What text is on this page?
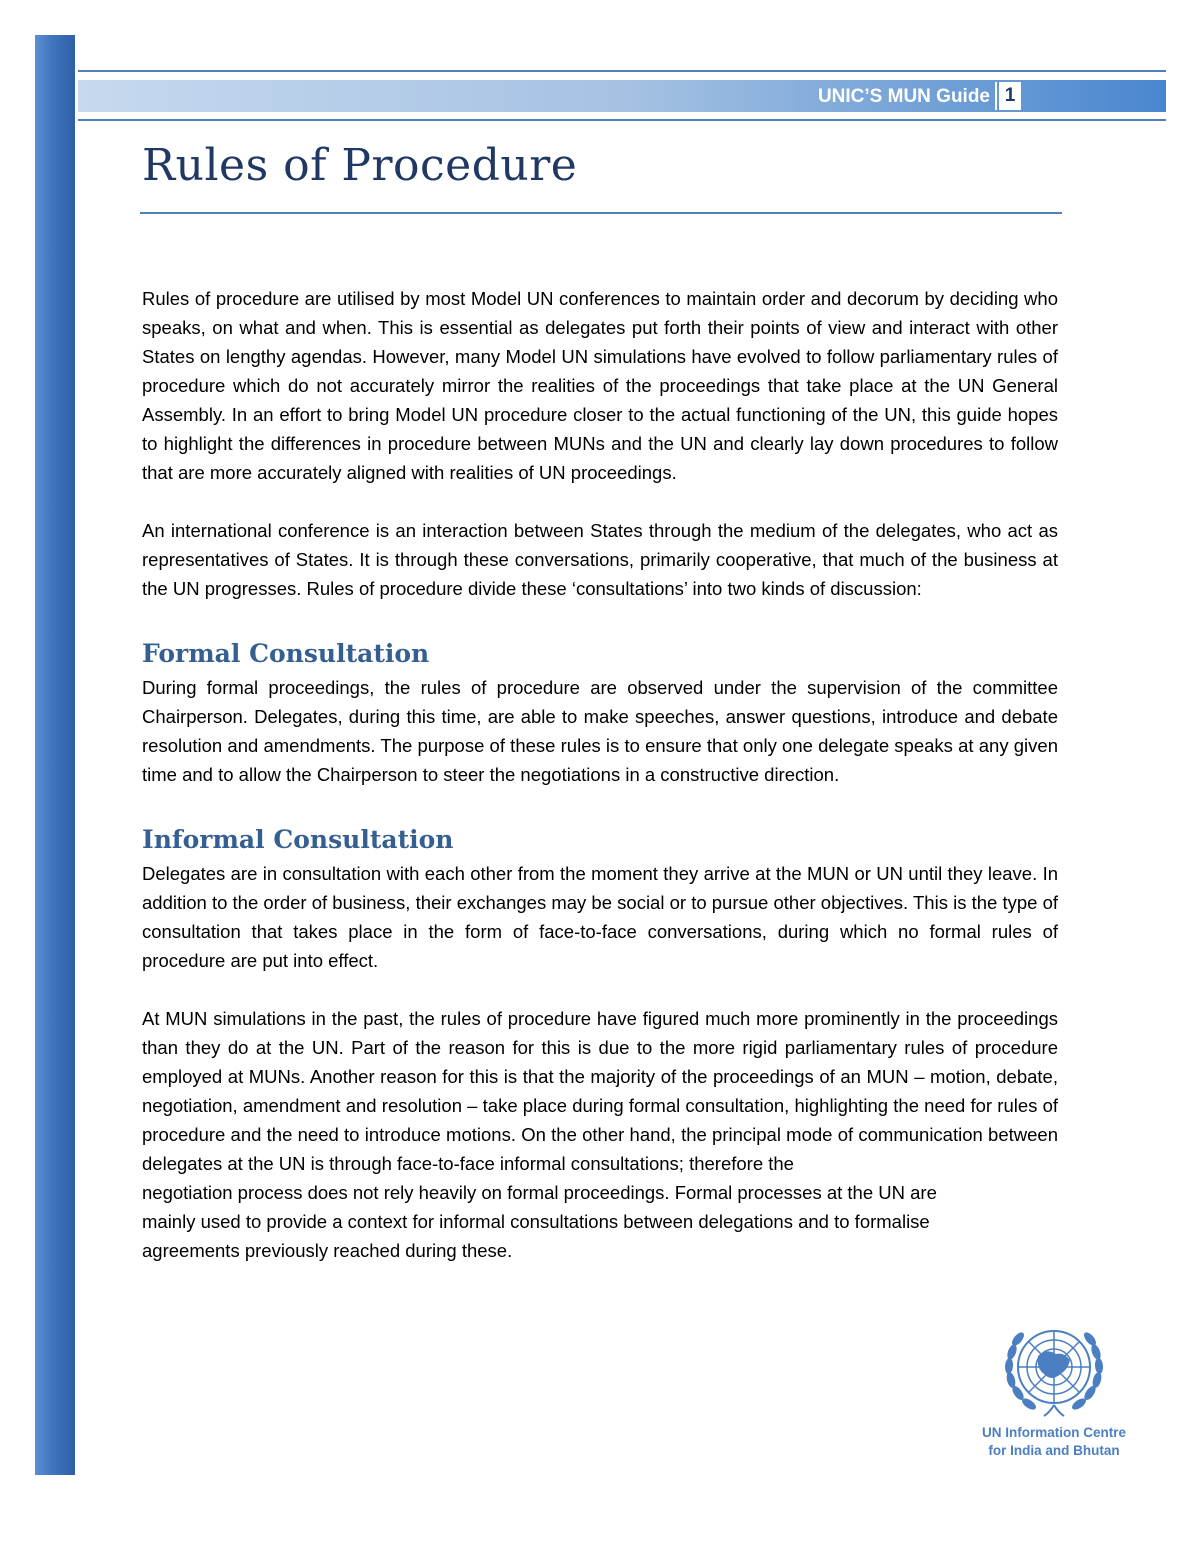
UNIC’S MUN Guide 1
Rules of Procedure

Rules of procedure are utilised by most Model UN conferences to maintain order and decorum by deciding who speaks, on what and when. This is essential as delegates put forth their points of view and interact with other States on lengthy agendas. However, many Model UN simulations have evolved to follow parliamentary rules of procedure which do not accurately mirror the realities of the proceedings that take place at the UN General Assembly. In an effort to bring Model UN procedure closer to the actual functioning of the UN, this guide hopes to highlight the differences in procedure between MUNs and the UN and clearly lay down procedures to follow that are more accurately aligned with realities of UN proceedings.

An international conference is an interaction between States through the medium of the delegates, who act as representatives of States. It is through these conversations, primarily cooperative, that much of the business at the UN progresses. Rules of procedure divide these ‘consultations’ into two kinds of discussion:

Formal Consultation

During formal proceedings, the rules of procedure are observed under the supervision of the committee Chairperson. Delegates, during this time, are able to make speeches, answer questions, introduce and debate resolution and amendments. The purpose of these rules is to ensure that only one delegate speaks at any given time and to allow the Chairperson to steer the negotiations in a constructive direction.

Informal Consultation

Delegates are in consultation with each other from the moment they arrive at the MUN or UN until they leave. In addition to the order of business, their exchanges may be social or to pursue other objectives. This is the type of consultation that takes place in the form of face-to-face conversations, during which no formal rules of procedure are put into effect.

At MUN simulations in the past, the rules of procedure have figured much more prominently in the proceedings than they do at the UN. Part of the reason for this is due to the more rigid parliamentary rules of procedure employed at MUNs. Another reason for this is that the majority of the proceedings of an MUN – motion, debate, negotiation, amendment and resolution – take place during formal consultation, highlighting the need for rules of procedure and the need to introduce motions. On the other hand, the principal mode of communication between delegates at the UN is through face-to-face informal consultations; therefore the

negotiation process does not rely heavily on formal proceedings. Formal processes at the UN are mainly used to provide a context for informal consultations between delegations and to formalise agreements previously reached during these.

UN Information Centre
for India and Bhutan
